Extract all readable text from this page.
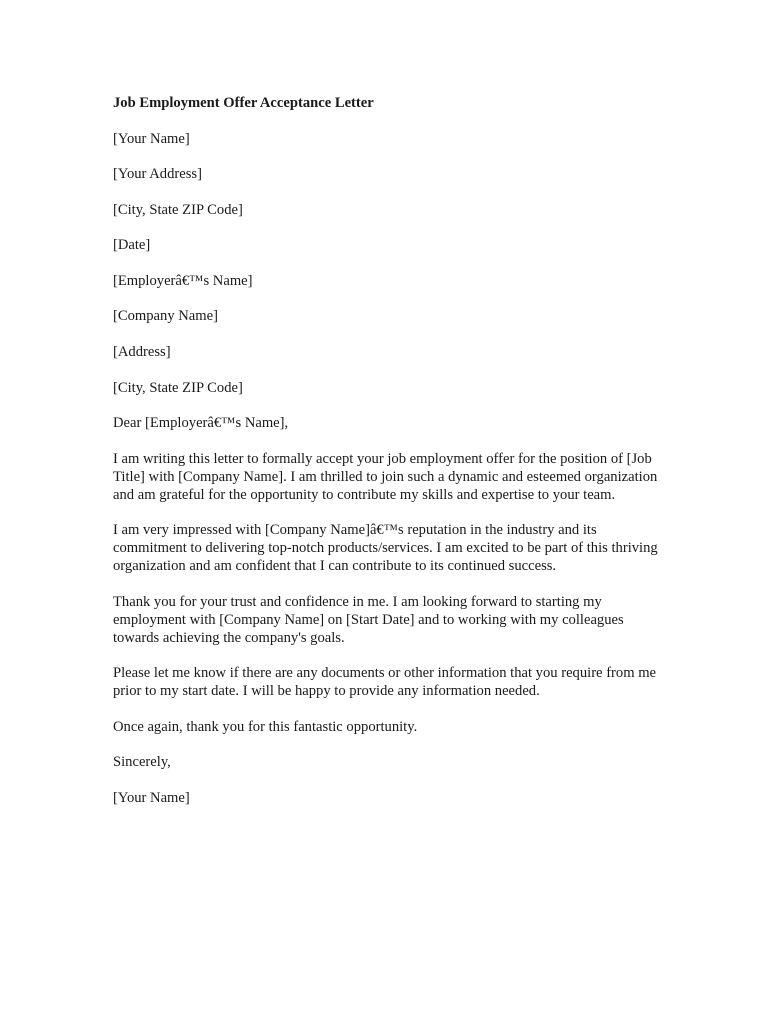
Job Employment Offer Acceptance Letter
[Your Name]
[Your Address]
[City, State ZIP Code]
[Date]
[Employerâ€™s Name]
[Company Name]
[Address]
[City, State ZIP Code]
Dear [Employerâ€™s Name],
I am writing this letter to formally accept your job employment offer for the position of [Job Title] with [Company Name]. I am thrilled to join such a dynamic and esteemed organization and am grateful for the opportunity to contribute my skills and expertise to your team.
I am very impressed with [Company Name]â€™s reputation in the industry and its commitment to delivering top-notch products/services. I am excited to be part of this thriving organization and am confident that I can contribute to its continued success.
Thank you for your trust and confidence in me. I am looking forward to starting my employment with [Company Name] on [Start Date] and to working with my colleagues towards achieving the company's goals.
Please let me know if there are any documents or other information that you require from me prior to my start date. I will be happy to provide any information needed.
Once again, thank you for this fantastic opportunity.
Sincerely,
[Your Name]
